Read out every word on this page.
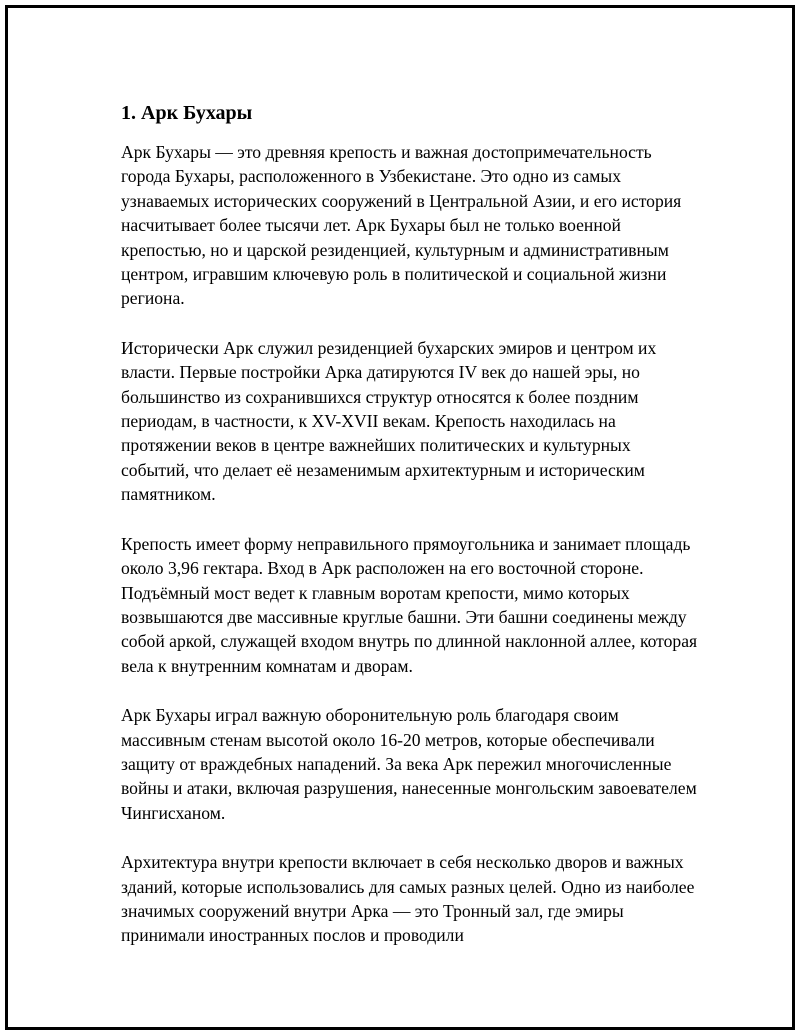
1. Арк Бухары

Арк Бухары — это древняя крепость и важная достопримечательность города Бухары, расположенного в Узбекистане. Это одно из самых узнаваемых исторических сооружений в Центральной Азии, и его история насчитывает более тысячи лет. Арк Бухары был не только военной крепостью, но и царской резиденцией, культурным и административным центром, игравшим ключевую роль в политической и социальной жизни региона.

Исторически Арк служил резиденцией бухарских эмиров и центром их власти. Первые постройки Арка датируются IV век до нашей эры, но большинство из сохранившихся структур относятся к более поздним периодам, в частности, к XV-XVII векам. Крепость находилась на протяжении веков в центре важнейших политических и культурных событий, что делает её незаменимым архитектурным и историческим памятником.

Крепость имеет форму неправильного прямоугольника и занимает площадь около 3,96 гектара. Вход в Арк расположен на его восточной стороне. Подъёмный мост ведет к главным воротам крепости, мимо которых возвышаются две массивные круглые башни. Эти башни соединены между собой аркой, служащей входом внутрь по длинной наклонной аллее, которая вела к внутренним комнатам и дворам.

Арк Бухары играл важную оборонительную роль благодаря своим массивным стенам высотой около 16-20 метров, которые обеспечивали защиту от враждебных нападений. За века Арк пережил многочисленные войны и атаки, включая разрушения, нанесенные монгольским завоевателем Чингисханом.

Архитектура внутри крепости включает в себя несколько дворов и важных зданий, которые использовались для самых разных целей. Одно из наиболее значимых сооружений внутри Арка — это Тронный зал, где эмиры принимали иностранных послов и проводили
